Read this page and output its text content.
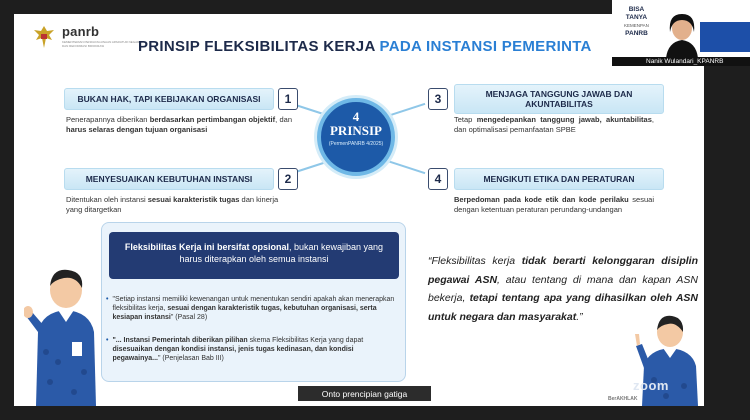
panrb
KEMENTERIAN PENDAYAGUNAAN APARATUR NEGARA DAN REFORMASI BIROKRASI	PRINSIP FLEKSIBILITAS KERJA PADA INSTANSI PEMERINTA
BUKAN HAK, TAPI KEBIJAKAN ORGANISASI	1
Penerapannya diberikan berdasarkan pertimbangan objektif, dan harus selaras dengan tujuan organisasi
MENYESUAIKAN KEBUTUHAN INSTANSI	2
Ditentukan oleh instansi sesuai karakteristik tugas dan kinerja yang ditargetkan
4
PRINSIP
(PermenPANRB 4/2025)
3	MENJAGA TANGGUNG JAWAB DAN AKUNTABILITAS
Tetap mengedepankan tanggung jawab, akuntabilitas, dan optimalisasi pemanfaatan SPBE
4	MENGIKUTI ETIKA DAN PERATURAN
Berpedoman pada kode etik dan kode perilaku sesuai dengan ketentuan peraturan perundang-undangan
Fleksibilitas Kerja ini bersifat opsional, bukan kewajiban yang harus diterapkan oleh semua instansi
• "Setiap instansi memiliki kewenangan untuk menentukan sendiri apakah akan menerapkan fleksibilitas kerja, sesuai dengan karakteristik tugas, kebutuhan organisasi, serta kesiapan instansi" (Pasal 28)
• "... Instansi Pemerintah diberikan pilihan skema Fleksibilitas Kerja yang dapat disesuaikan dengan kondisi instansi, jenis tugas kedinasan, dan kondisi pegawainya..." (Penjelasan Bab III)
“Fleksibilitas kerja tidak berarti kelonggaran disiplin pegawai ASN, atau tentang di mana dan kapan ASN bekerja, tetapi tentang apa yang dihasilkan oleh ASN untuk negara dan masyarakat.”
Onto prencipian gatiga
BerAKHLAK
zoom
BISA
TANYA
KEMENPAN
PANRB
Nanik Wulandari_KPANRB
